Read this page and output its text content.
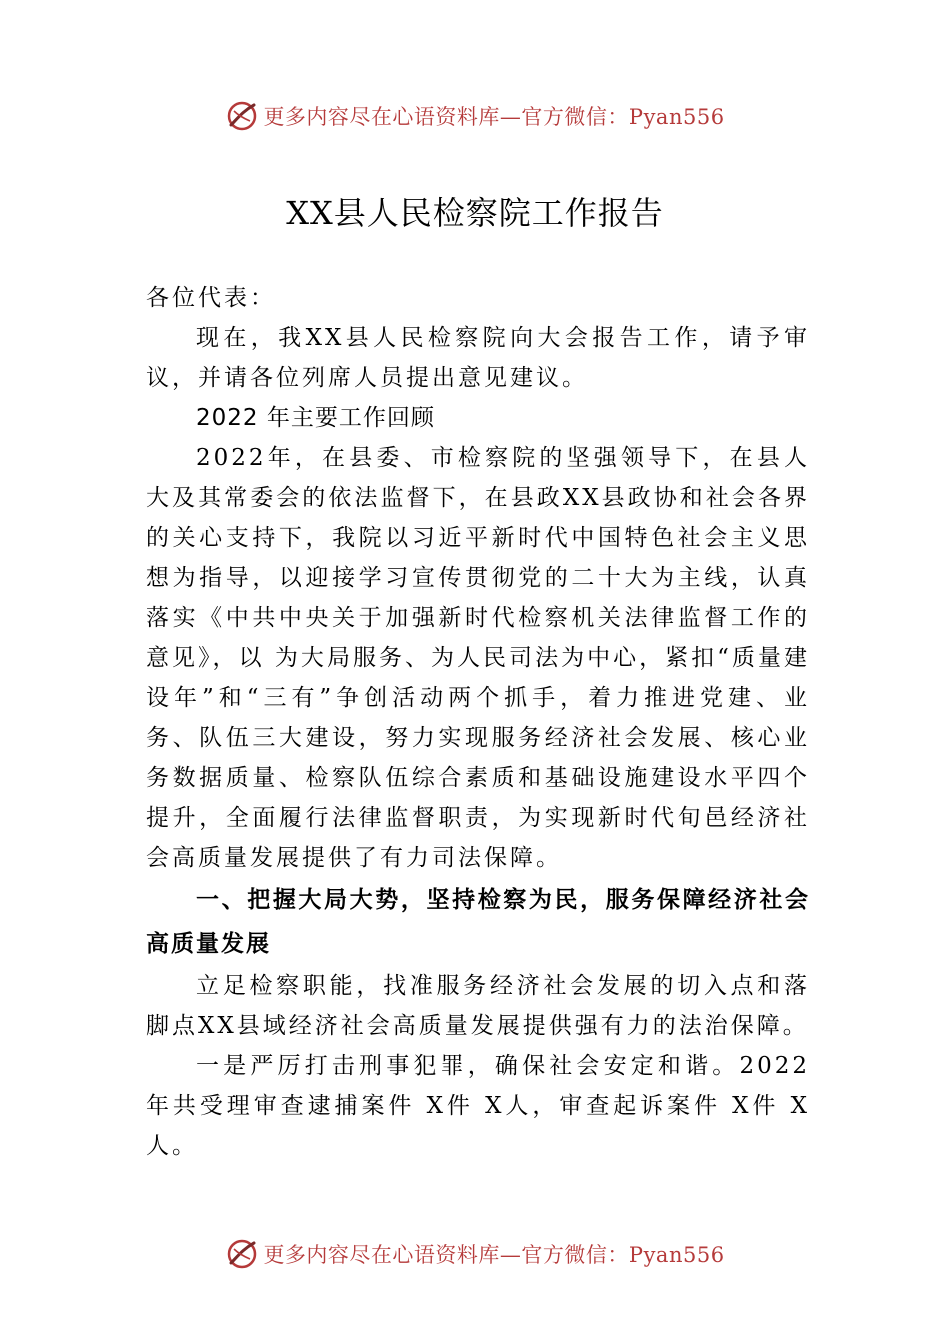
更多内容尽在心语资料库—官方微信：Pyan556
XX县人民检察院工作报告

各位代表：

现在，我XX县人民检察院向大会报告工作，请予审议，并请各位列席人员提出意见建议。

2022 年主要工作回顾

2022年，在县委、市检察院的坚强领导下，在县人大及其常委会的依法监督下，在县政XX县政协和社会各界的关心支持下，我院以习近平新时代中国特色社会主义思想为指导，以迎接学习宣传贯彻党的二十大为主线，认真落实《中共中央关于加强新时代检察机关法律监督工作的意见》，以 为大局服务、为人民司法为中心，紧扣“质量建设年”和“三有”争创活动两个抓手，着力推进党建、业务、队伍三大建设，努力实现服务经济社会发展、核心业务数据质量、检察队伍综合素质和基础设施建设水平四个提升，全面履行法律监督职责，为实现新时代旬邑经济社会高质量发展提供了有力司法保障。

一、把握大局大势，坚持检察为民，服务保障经济社会高质量发展

立足检察职能，找准服务经济社会发展的切入点和落脚点XX县域经济社会高质量发展提供强有力的法治保障。

一是严厉打击刑事犯罪，确保社会安定和谐。2022年共受理审查逮捕案件 X件 X人，审查起诉案件 X件 X人。

更多内容尽在心语资料库—官方微信：Pyan556
